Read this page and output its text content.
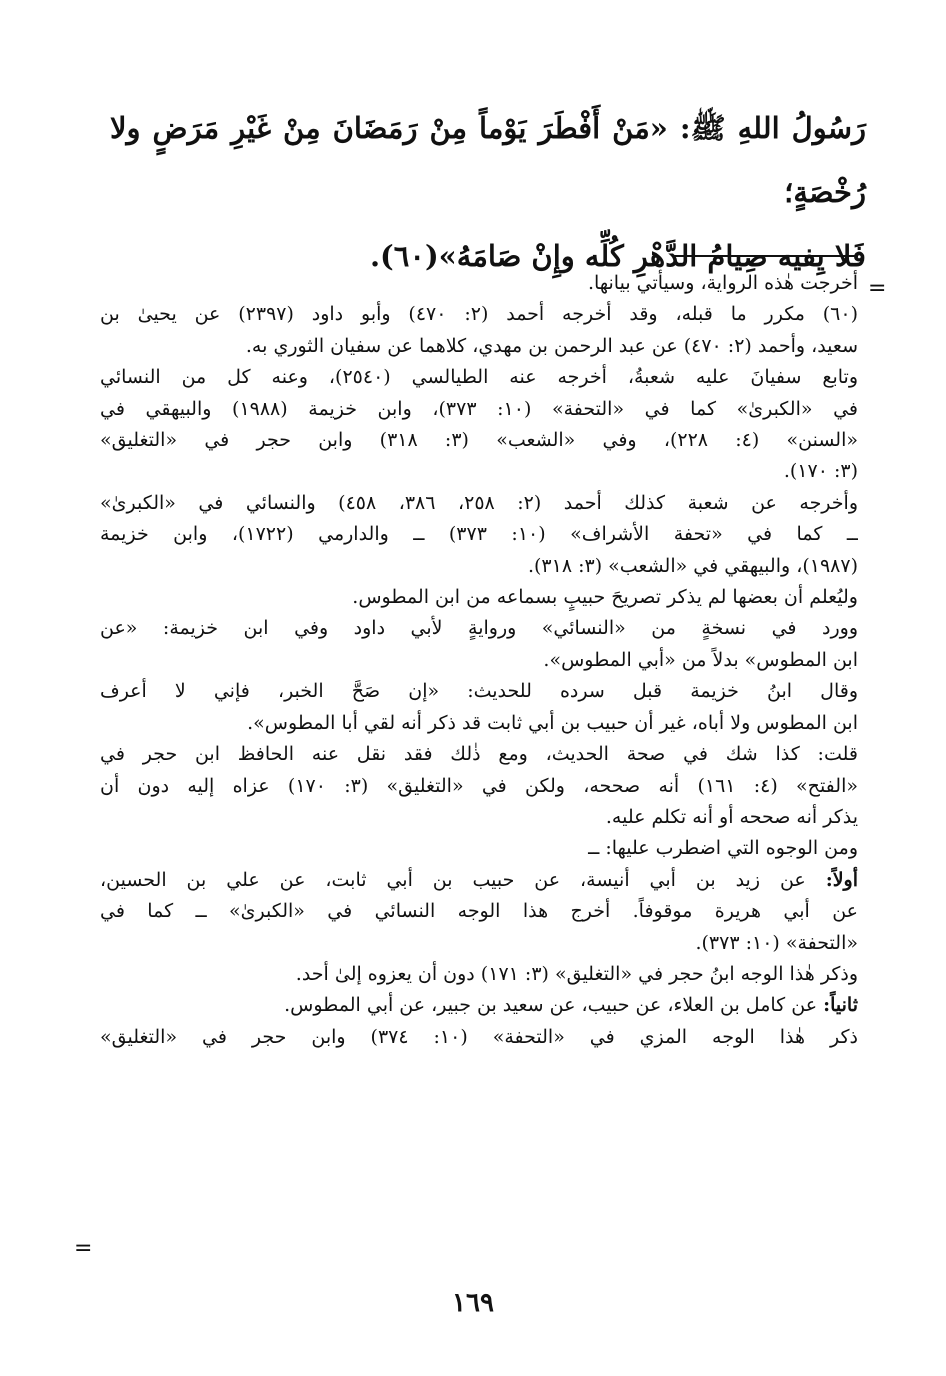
رَسُولُ اللهِ ﷺ: «مَنْ أَفْطَرَ يَوْماً مِنْ رَمَضَانَ مِنْ غَيْرِ مَرَضٍ ولا رُخْصَةٍ؛

فَلا يِفيه صِيامُ الدَّهْرِ كُلِّه وإِنْ صَامَهُ»(٦٠).

=

أخرجت هٰذه الرواية، وسيأتي بيانها.

(٦٠) مكرر ما قبله، وقد أخرجه أحمد (٢: ٤٧٠) وأبو داود (٢٣٩٧) عن يحيىٰ بن

سعيد، وأحمد (٢: ٤٧٠) عن عبد الرحمن بن مهدي، كلاهما عن سفيان الثوري به.

وتابع سفيانَ عليه شعبةُ، أخرجه عنه الطيالسي (٢٥٤٠)، وعنه كل من النسائي

في «الكبرىٰ» كما في «التحفة» (١٠: ٣٧٣)، وابن خزيمة (١٩٨٨) والبيهقي في

«السنن» (٤: ٢٢٨)، وفي «الشعب» (٣: ٣١٨) وابن حجر في «التغليق»

(٣: ١٧٠).

وأخرجه عن شعبة كذلك أحمد (٢: ٢٥٨، ٣٨٦، ٤٥٨) والنسائي في «الكبرىٰ»

ــ كما في «تحفة الأشراف» (١٠: ٣٧٣) ــ والدارمي (١٧٢٢)، وابن خزيمة

(١٩٨٧)، والبيهقي في «الشعب» (٣: ٣١٨).

وليُعلم أن بعضها لم يذكر تصريحَ حبيبٍ بسماعه من ابن المطوس.

وورد في نسخةٍ من «النسائي» وروايةٍ لأبي داود وفي ابن خزيمة: «عن

ابن المطوس» بدلاً من «أبي المطوس».

وقال ابنُ خزيمة قبل سرده للحديث: «إن صَحَّ الخبر، فإني لا أعرف

ابن المطوس ولا أباه، غير أن حبيب بن أبي ثابت قد ذكر أنه لقي أبا المطوس».

قلت: كذا شك في صحة الحديث، ومع ذٰلك فقد نقل عنه الحافظ ابن حجر في

«الفتح» (٤: ١٦١) أنه صححه، ولكن في «التغليق» (٣: ١٧٠) عزاه إليه دون أن

يذكر أنه صححه أو أنه تكلم عليه.

ومن الوجوه التي اضطرب عليها: ــ

أولاً: عن زيد بن أبي أنيسة، عن حبيب بن أبي ثابت، عن علي بن الحسين،

عن أبي هريرة موقوفاً. أخرج هذا الوجه النسائي في «الكبرىٰ» ــ كما في

«التحفة» (١٠: ٣٧٣).

وذكر هٰذا الوجه ابنُ حجر في «التغليق» (٣: ١٧١) دون أن يعزوه إلىٰ أحد.

ثانياً: عن كامل بن العلاء، عن حبيب، عن سعيد بن جبير، عن أبي المطوس.

ذكر هٰذا الوجه المزي في «التحفة» (١٠: ٣٧٤) وابن حجر في «التغليق»

=
١٦٩
